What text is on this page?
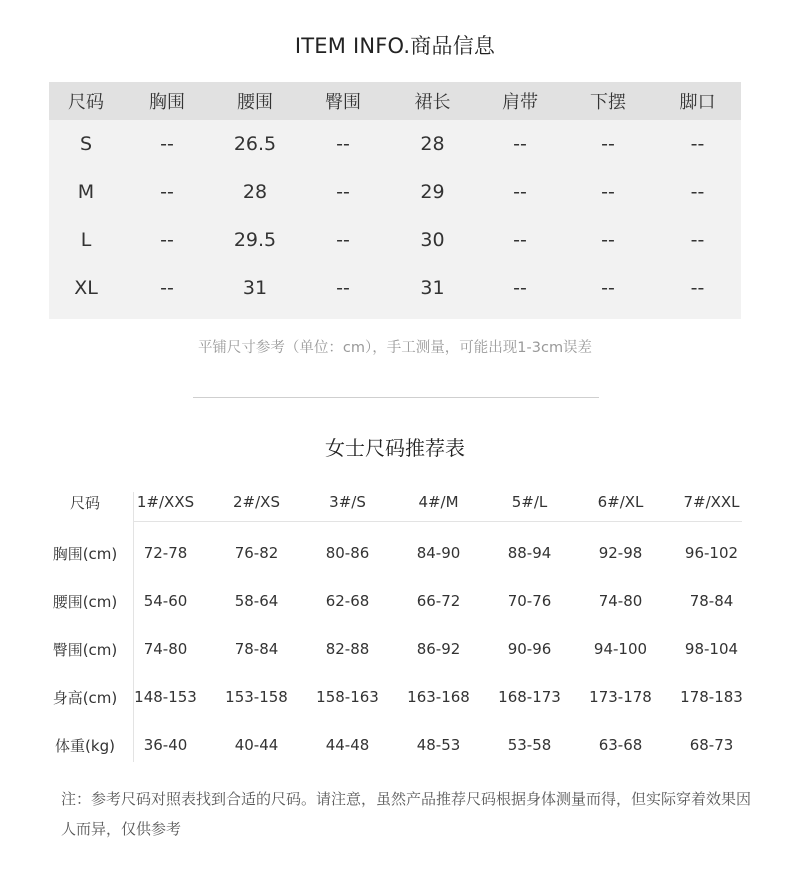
ITEM INFO.商品信息
尺码	胸围	腰围	臀围	裙长	肩带	下摆	脚口
S	--	26.5	--	28	--	--	--
M	--	28	--	29	--	--	--
L	--	29.5	--	30	--	--	--
XL	--	31	--	31	--	--	--
平铺尺寸参考（单位：cm），手工测量，可能出现1-3cm误差
女士尺码推荐表
尺码	1#/XXS	2#/XS	3#/S	4#/M	5#/L	6#/XL	7#/XXL
胸围(cm)	72-78	76-82	80-86	84-90	88-94	92-98	96-102
腰围(cm)	54-60	58-64	62-68	66-72	70-76	74-80	78-84
臀围(cm)	74-80	78-84	82-88	86-92	90-96	94-100	98-104
身高(cm)	148-153	153-158	158-163	163-168	168-173	173-178	178-183
体重(kg)	36-40	40-44	44-48	48-53	53-58	63-68	68-73
注：参考尺码对照表找到合适的尺码。请注意，虽然产品推荐尺码根据身体测量而得，但实际穿着效果因人而异，仅供参考
